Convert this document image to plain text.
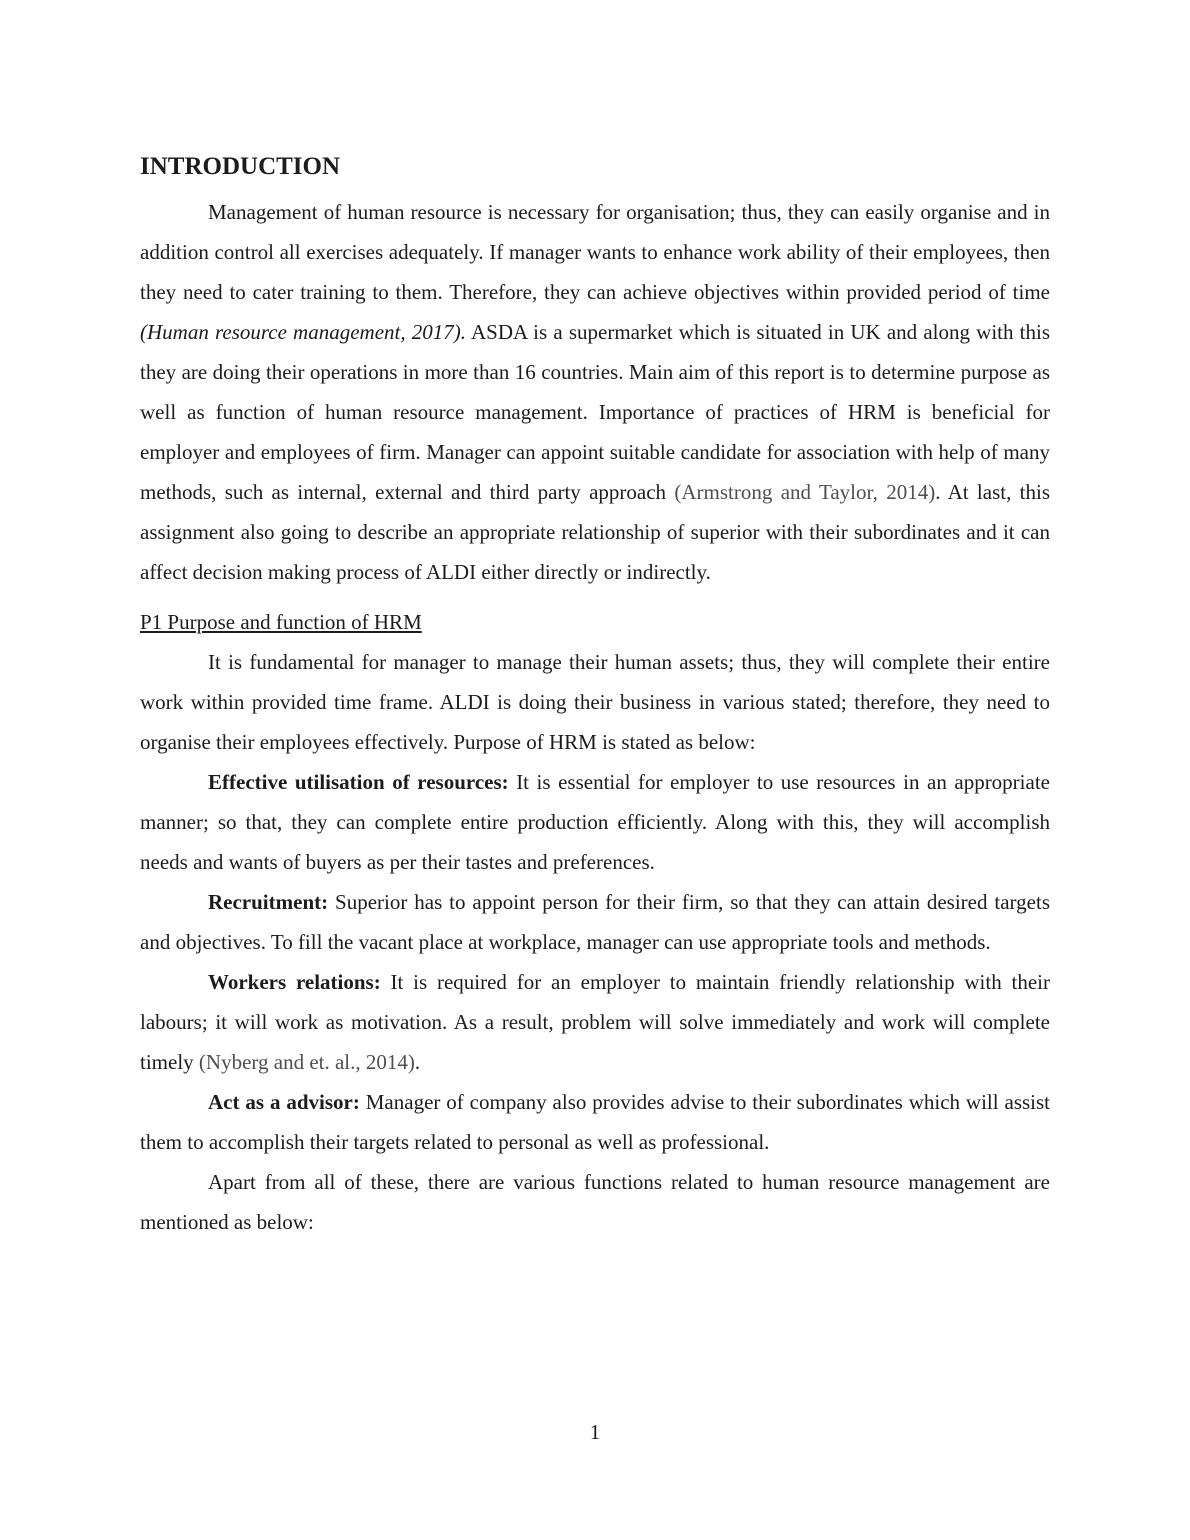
INTRODUCTION

Management of human resource is necessary for organisation; thus, they can easily organise and in addition control all exercises adequately. If manager wants to enhance work ability of their employees, then they need to cater training to them. Therefore, they can achieve objectives within provided period of time (Human resource management, 2017). ASDA is a supermarket which is situated in UK and along with this they are doing their operations in more than 16 countries. Main aim of this report is to determine purpose as well as function of human resource management. Importance of practices of HRM is beneficial for employer and employees of firm. Manager can appoint suitable candidate for association with help of many methods, such as internal, external and third party approach (Armstrong and Taylor, 2014). At last, this assignment also going to describe an appropriate relationship of superior with their subordinates and it can affect decision making process of ALDI either directly or indirectly.

P1 Purpose and function of HRM

It is fundamental for manager to manage their human assets; thus, they will complete their entire work within provided time frame. ALDI is doing their business in various stated; therefore, they need to organise their employees effectively. Purpose of HRM is stated as below:

Effective utilisation of resources: It is essential for employer to use resources in an appropriate manner; so that, they can complete entire production efficiently. Along with this, they will accomplish needs and wants of buyers as per their tastes and preferences.

Recruitment: Superior has to appoint person for their firm, so that they can attain desired targets and objectives. To fill the vacant place at workplace, manager can use appropriate tools and methods.

Workers relations: It is required for an employer to maintain friendly relationship with their labours; it will work as motivation. As a result, problem will solve immediately and work will complete timely (Nyberg and et. al., 2014).

Act as a advisor: Manager of company also provides advise to their subordinates which will assist them to accomplish their targets related to personal as well as professional.

Apart from all of these, there are various functions related to human resource management are mentioned as below:

1
